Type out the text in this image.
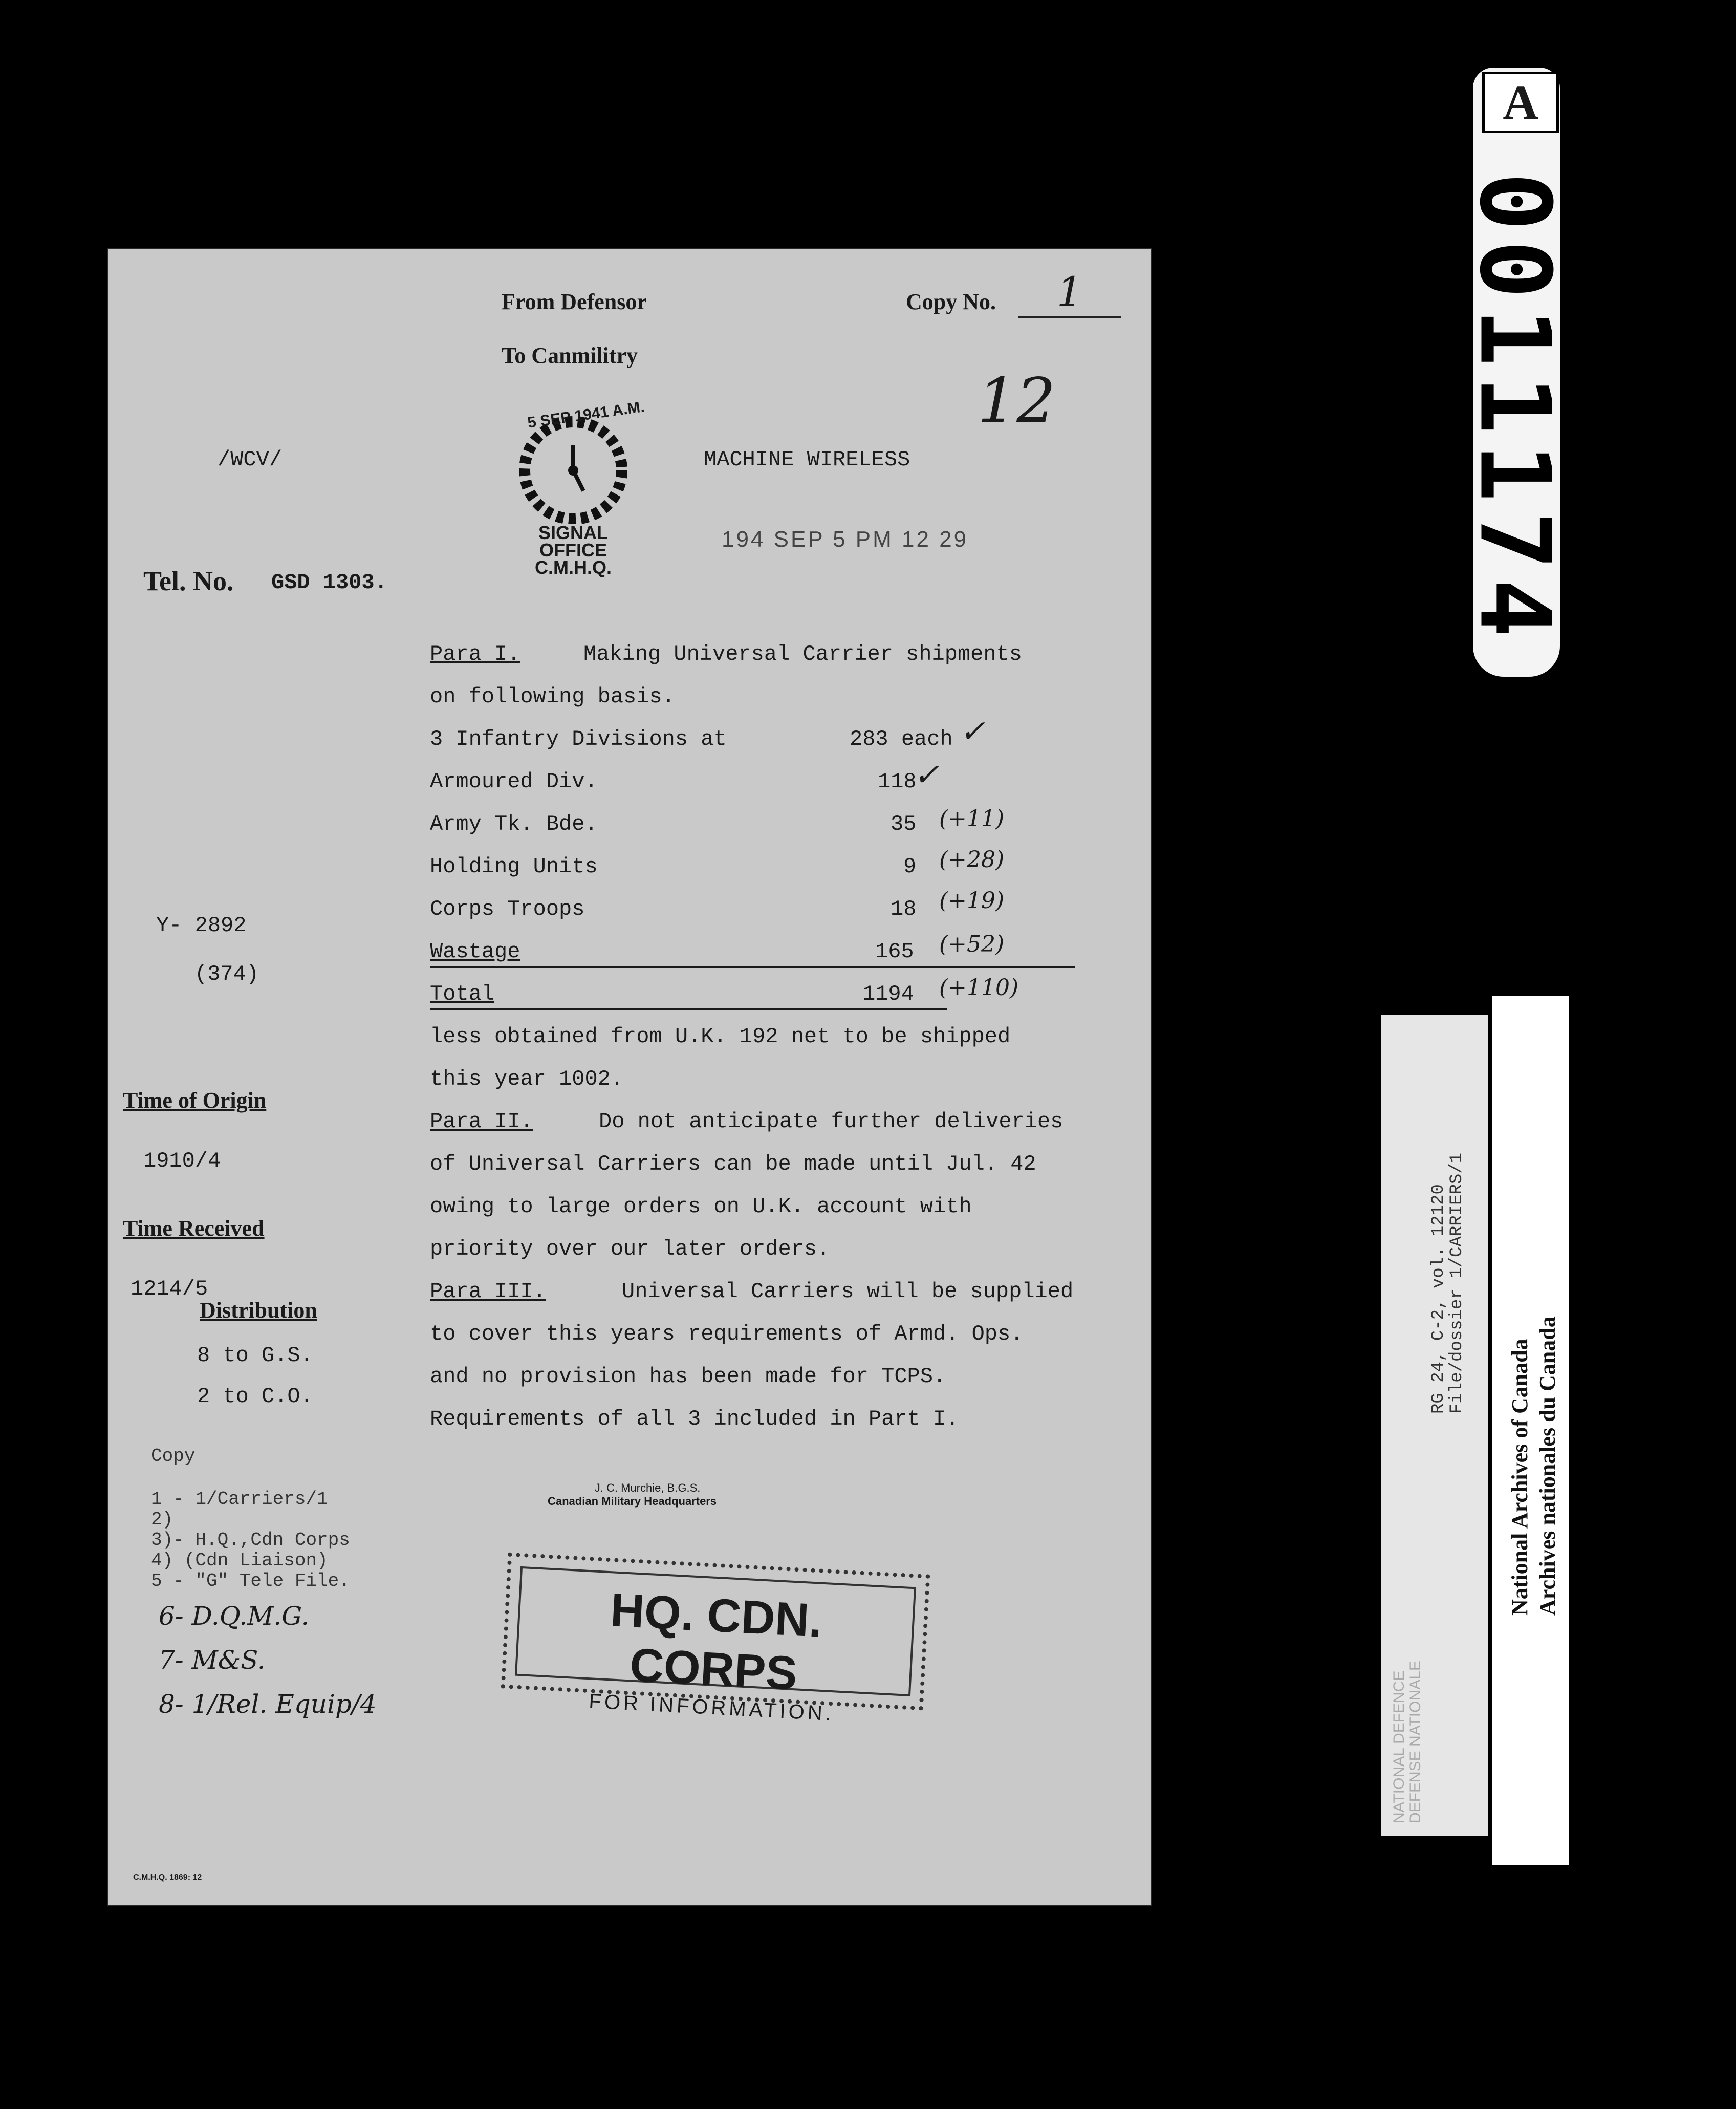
From Defensor
To Canmilitry
Copy No.	1
12
/WCV/	MACHINE WIRELESS
194 SEP 5 PM 12 29
Tel. No. GSD 1303.
5 SEP 1941 A.M.
SIGNAL
OFFICE
C.M.H.Q.
Para I.	Making Universal Carrier shipments
on following basis.
3 Infantry Divisions at	283 each ✓
Armoured Div.	118
✓
Army Tk. Bde.	35 (+11)
Holding Units	9 (+28)
Corps Troops	18 (+19)
Wastage	165 (+52)
Total	1194 (+110)
less obtained from U.K. 192 net to be shipped
this year 1002.
Para II.	Do not anticipate further deliveries
of Universal Carriers can be made until Jul. 42
owing to large orders on U.K. account with
priority over our later orders.
Para III.	Universal Carriers will be supplied
to cover this years requirements of Armd. Ops.
and no provision has been made for TCPS.
Requirements of all 3 included in Part I.
Y- 2892
(374)
Time of Origin
1910/4
Time Received
1214/5
Distribution
8 to G.S.
2 to C.O.
Copy
1 - 1/Carriers/1
2)
3)- H.Q.,Cdn Corps
4) (Cdn Liaison)
5 - "G" Tele File.
6- D.Q.M.G.
7- M&S.
8- 1/Rel. Equip/4
J. C. Murchie, B.G.S.
Canadian Military Headquarters
HQ. CDN. CORPS
FOR INFORMATION.
C.M.H.Q. 1869: 12
A
0011174
RG 24, C-2, vol. 12120
File/dossier 1/CARRIERS/1
NATIONAL DEFENCE DEFENSE NATIONALE
National Archives of Canada Archives nationales du Canada
